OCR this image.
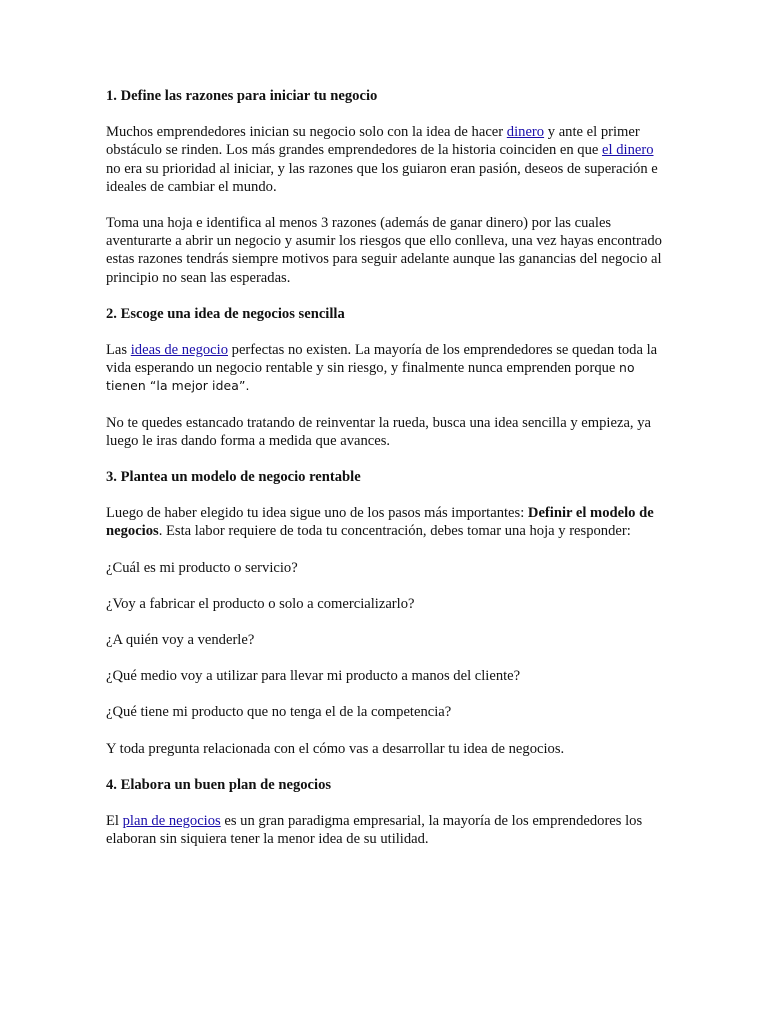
1. Define las razones para iniciar tu negocio

Muchos emprendedores inician su negocio solo con la idea de hacer dinero y ante el primer obstáculo se rinden. Los más grandes emprendedores de la historia coinciden en que el dinero no era su prioridad al iniciar, y las razones que los guiaron eran pasión, deseos de superación e ideales de cambiar el mundo.

Toma una hoja e identifica al menos 3 razones (además de ganar dinero) por las cuales aventurarte a abrir un negocio y asumir los riesgos que ello conlleva, una vez hayas encontrado estas razones tendrás siempre motivos para seguir adelante aunque las ganancias del negocio al principio no sean las esperadas.

2. Escoge una idea de negocios sencilla

Las ideas de negocio perfectas no existen. La mayoría de los emprendedores se quedan toda la vida esperando un negocio rentable y sin riesgo, y finalmente nunca emprenden porque no tienen “la mejor idea”.

No te quedes estancado tratando de reinventar la rueda, busca una idea sencilla y empieza, ya luego le iras dando forma a medida que avances.

3. Plantea un modelo de negocio rentable

Luego de haber elegido tu idea sigue uno de los pasos más importantes: Definir el modelo de negocios. Esta labor requiere de toda tu concentración, debes tomar una hoja y responder:

¿Cuál es mi producto o servicio?

¿Voy a fabricar el producto o solo a comercializarlo?

¿A quién voy a venderle?

¿Qué medio voy a utilizar para llevar mi producto a manos del cliente?

¿Qué tiene mi producto que no tenga el de la competencia?

Y toda pregunta relacionada con el cómo vas a desarrollar tu idea de negocios.

4. Elabora un buen plan de negocios

El plan de negocios es un gran paradigma empresarial, la mayoría de los emprendedores los elaboran sin siquiera tener la menor idea de su utilidad.
